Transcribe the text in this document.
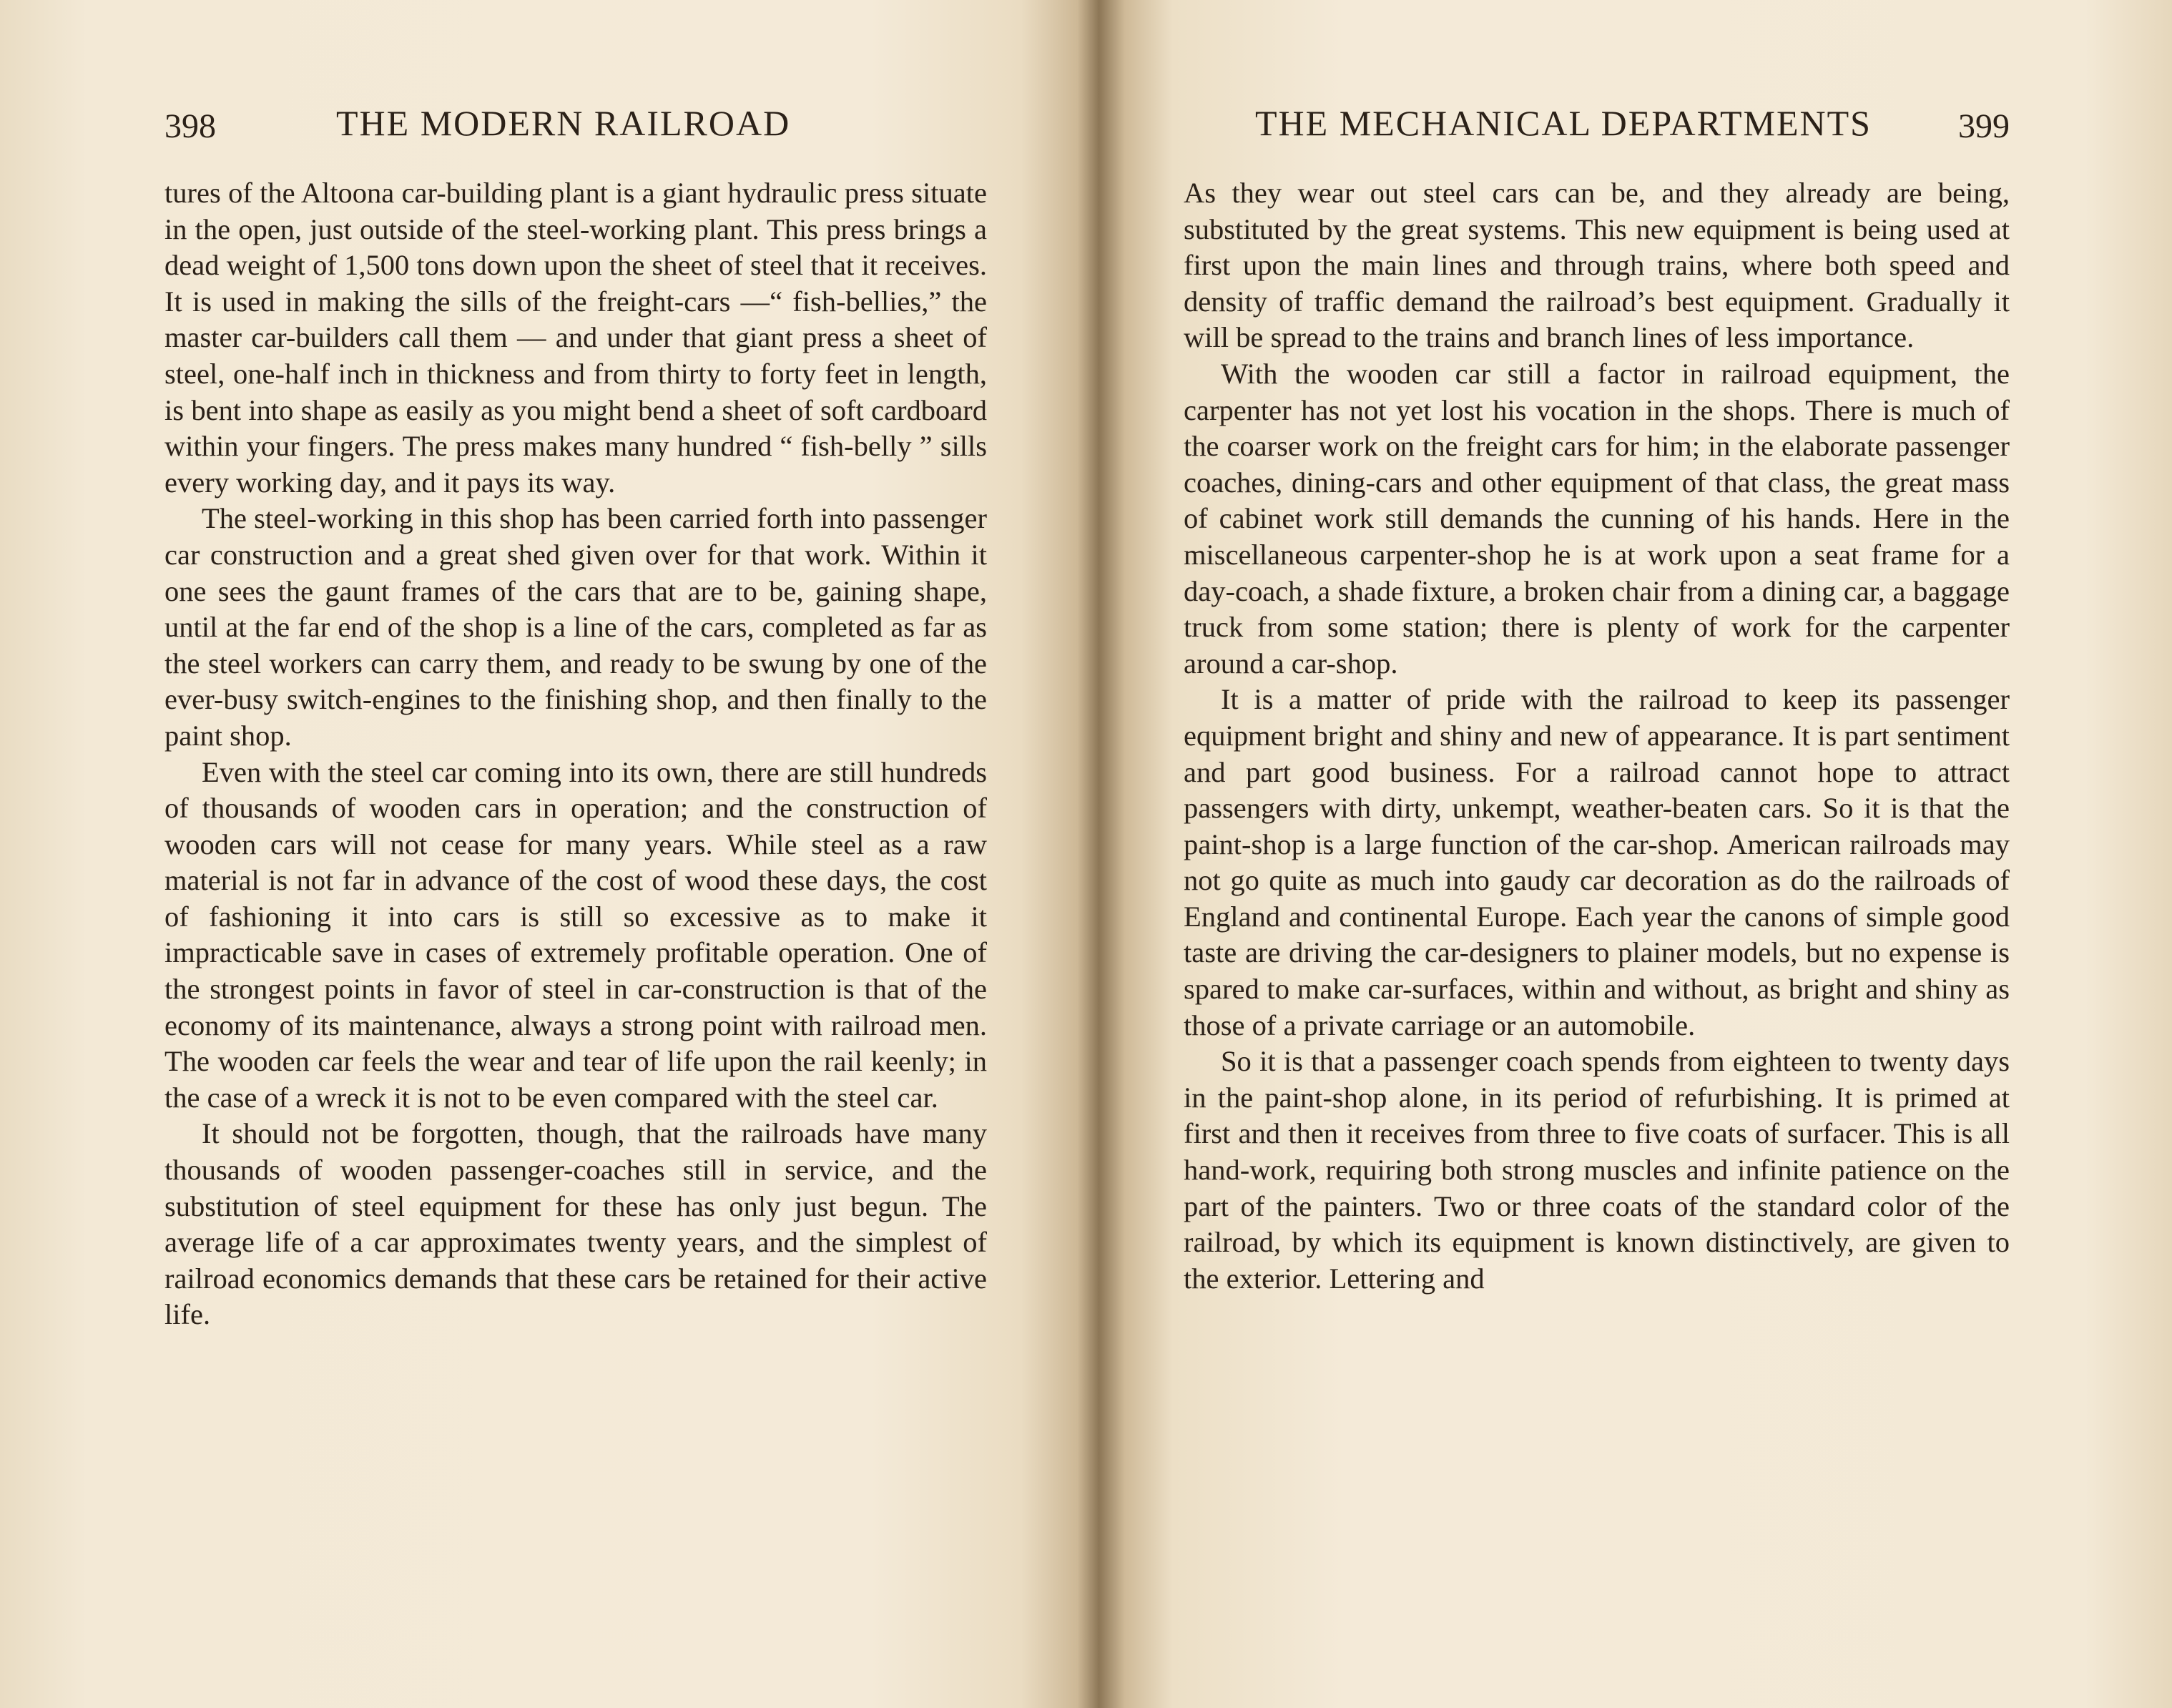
398	THE MODERN RAILROAD

tures of the Altoona car-building plant is a giant hydraulic press situate in the open, just outside of the steel-working plant. This press brings a dead weight of 1,500 tons down upon the sheet of steel that it receives. It is used in making the sills of the freight-cars —“ fish-bellies,” the master car-builders call them — and under that giant press a sheet of steel, one-half inch in thickness and from thirty to forty feet in length, is bent into shape as easily as you might bend a sheet of soft cardboard within your fingers. The press makes many hundred “ fish-belly ” sills every working day, and it pays its way.

The steel-working in this shop has been carried forth into passenger car construction and a great shed given over for that work. Within it one sees the gaunt frames of the cars that are to be, gaining shape, until at the far end of the shop is a line of the cars, completed as far as the steel workers can carry them, and ready to be swung by one of the ever-busy switch-engines to the finishing shop, and then finally to the paint shop.

Even with the steel car coming into its own, there are still hundreds of thousands of wooden cars in operation; and the construction of wooden cars will not cease for many years. While steel as a raw material is not far in advance of the cost of wood these days, the cost of fashioning it into cars is still so excessive as to make it impracticable save in cases of extremely profitable operation. One of the strongest points in favor of steel in car-construction is that of the economy of its maintenance, always a strong point with railroad men. The wooden car feels the wear and tear of life upon the rail keenly; in the case of a wreck it is not to be even compared with the steel car.

It should not be forgotten, though, that the railroads have many thousands of wooden passenger-coaches still in service, and the substitution of steel equipment for these has only just begun. The average life of a car approximates twenty years, and the simplest of railroad economics demands that these cars be retained for their active life.

THE MECHANICAL DEPARTMENTS	399

As they wear out steel cars can be, and they already are being, substituted by the great systems. This new equipment is being used at first upon the main lines and through trains, where both speed and density of traffic demand the railroad’s best equipment. Gradually it will be spread to the trains and branch lines of less importance.

With the wooden car still a factor in railroad equipment, the carpenter has not yet lost his vocation in the shops. There is much of the coarser work on the freight cars for him; in the elaborate passenger coaches, dining-cars and other equipment of that class, the great mass of cabinet work still demands the cunning of his hands. Here in the miscellaneous carpenter-shop he is at work upon a seat frame for a day-coach, a shade fixture, a broken chair from a dining car, a baggage truck from some station; there is plenty of work for the carpenter around a car-shop.

It is a matter of pride with the railroad to keep its passenger equipment bright and shiny and new of appearance. It is part sentiment and part good business. For a railroad cannot hope to attract passengers with dirty, unkempt, weather-beaten cars. So it is that the paint-shop is a large function of the car-shop. American railroads may not go quite as much into gaudy car decoration as do the railroads of England and continental Europe. Each year the canons of simple good taste are driving the car-designers to plainer models, but no expense is spared to make car-surfaces, within and without, as bright and shiny as those of a private carriage or an automobile.

So it is that a passenger coach spends from eighteen to twenty days in the paint-shop alone, in its period of refurbishing. It is primed at first and then it receives from three to five coats of surfacer. This is all hand-work, requiring both strong muscles and infinite patience on the part of the painters. Two or three coats of the standard color of the railroad, by which its equipment is known distinctively, are given to the exterior. Lettering and
